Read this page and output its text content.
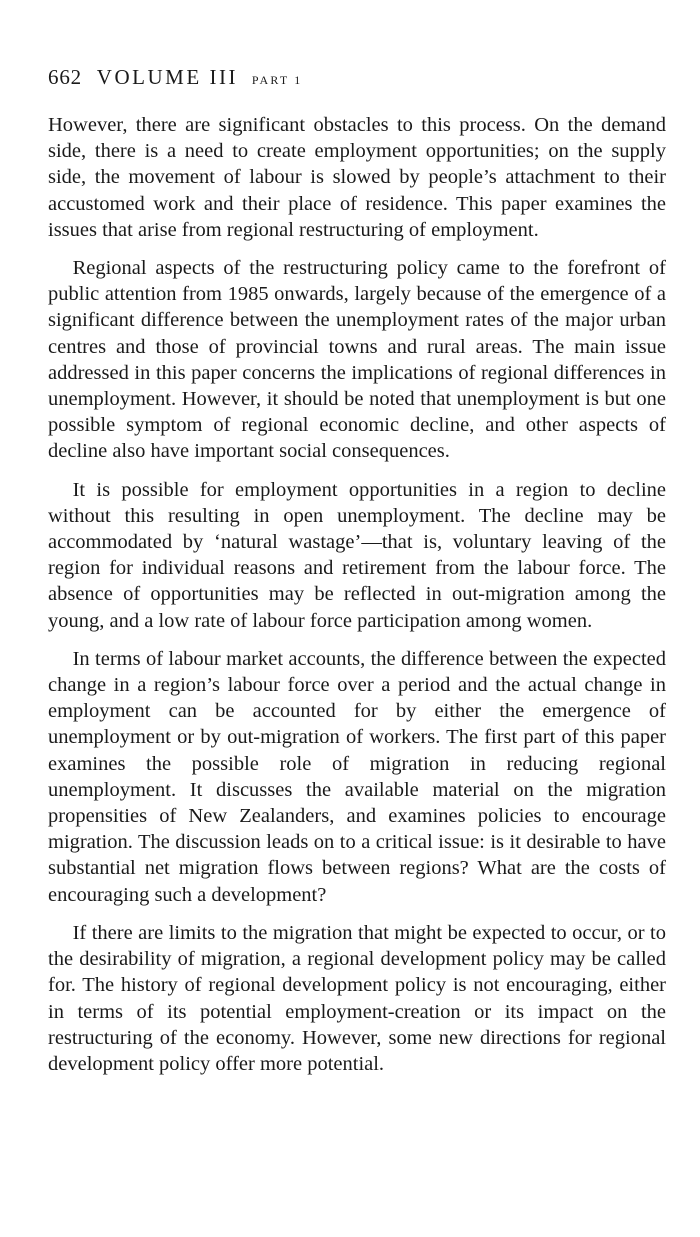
662 VOLUME III PART 1

However, there are significant obstacles to this process. On the demand side, there is a need to create employment opportunities; on the supply side, the movement of labour is slowed by people’s attachment to their accustomed work and their place of residence. This paper examines the issues that arise from regional restructuring of employment.

Regional aspects of the restructuring policy came to the forefront of public attention from 1985 onwards, largely because of the emergence of a significant difference between the unemployment rates of the major urban centres and those of provincial towns and rural areas. The main issue addressed in this paper concerns the implications of regional differences in unemployment. However, it should be noted that unemployment is but one possible symptom of regional economic decline, and other aspects of decline also have important social consequences.

It is possible for employment opportunities in a region to decline without this resulting in open unemployment. The decline may be accommodated by ‘natural wastage’—that is, voluntary leaving of the region for individual reasons and retirement from the labour force. The absence of opportunities may be reflected in out-migration among the young, and a low rate of labour force participation among women.

In terms of labour market accounts, the difference between the expected change in a region’s labour force over a period and the actual change in employment can be accounted for by either the emergence of unemployment or by out-migration of workers. The first part of this paper examines the possible role of migration in reducing regional unemployment. It discusses the available material on the migration propensities of New Zealanders, and examines policies to encourage migration. The discussion leads on to a critical issue: is it desirable to have substantial net migration flows between regions? What are the costs of encouraging such a development?

If there are limits to the migration that might be expected to occur, or to the desirability of migration, a regional development policy may be called for. The history of regional development policy is not encouraging, either in terms of its potential employment-creation or its impact on the restructuring of the economy. However, some new directions for regional development policy offer more potential.
